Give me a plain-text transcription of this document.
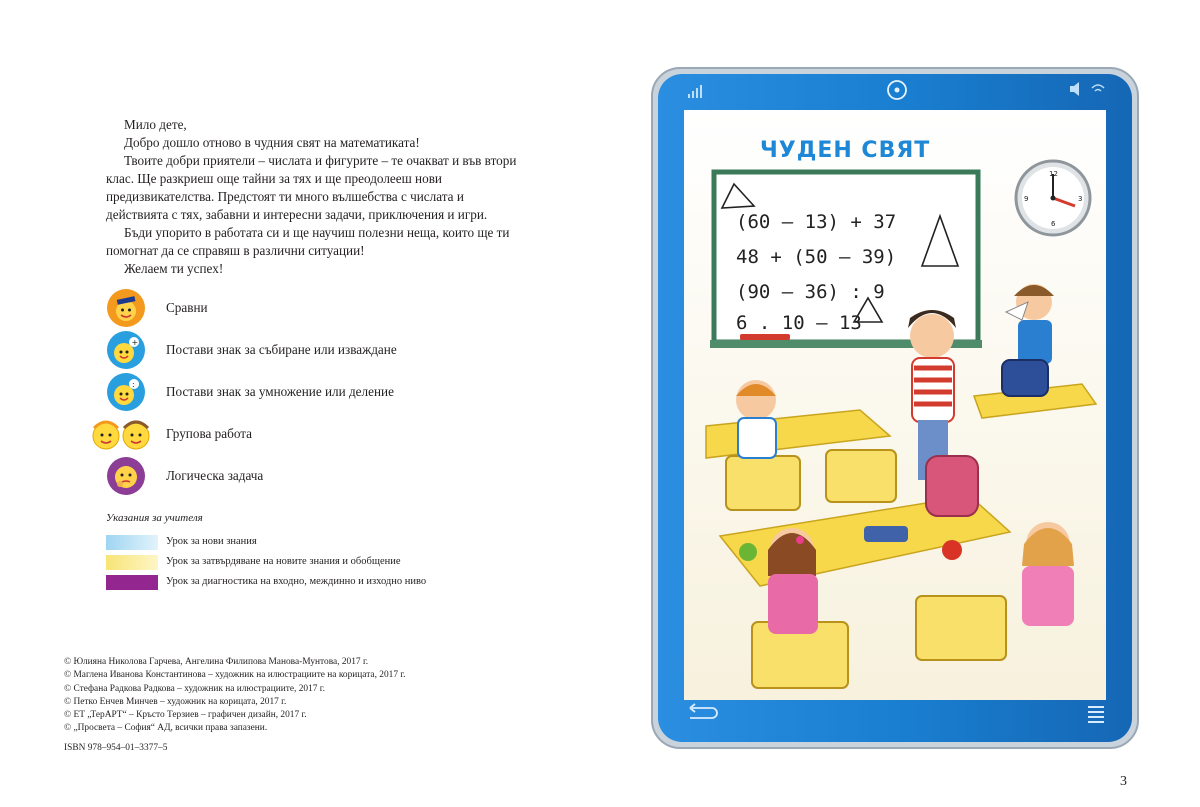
Мило дете,

Добро дошло отново в чудния свят на математиката!

Твоите добри приятели – числата и фигурите – те очакват и във втори клас. Ще разкриеш още тайни за тях и ще преодолееш нови предизвикателства. Предстоят ти много вълшебства с числата и действията с тях, забавни и интересни задачи, приключения и игри.

Бъди упорито в работата си и ще научиш полезни неща, които ще ти помогнат да се справяш в различни ситуации!

Желаем ти успех!

Сравни
+ Постави знак за събиране или изваждане
: Постави знак за умножение или деление
Групова работа
Логическа задача

Указания за учителя

Урок за нови знания
Урок за затвърдяване на новите знания и обобщение
Урок за диагностика на входно, междинно и изходно ниво
© Юлияна Николова Гарчева, Ангелина Филипова Манова-Мунтова, 2017 г.
© Маглена Иванова Константинова – художник на илюстрациите на корицата, 2017 г.
© Стефана Радкова Радкова – художник на илюстрациите, 2017 г.
© Петко Енчев Минчев – художник на корицата, 2017 г.
© ЕТ „ТерАРТ“ – Кръсто Терзиев – графичен дизайн, 2017 г.
© „Просвета – София“ АД, всички права запазени.
ISBN 978–954–01–3377–5
3
12
3
6
9
ЧУДЕН СВЯТ
(60 – 13) + 37
48 + (50 – 39)
(90 – 36) : 9
6 . 10 – 13
